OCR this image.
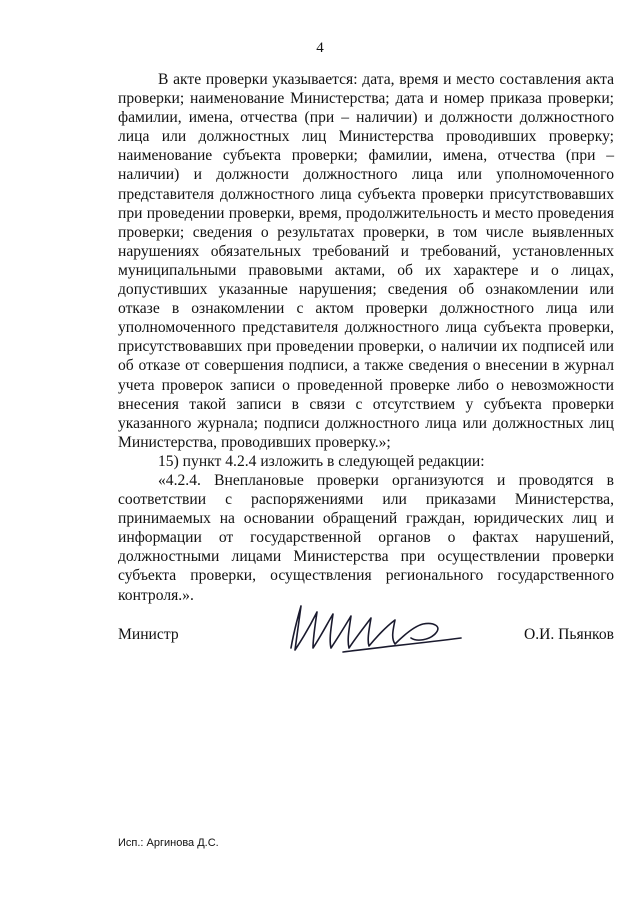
4

В акте проверки указывается: дата, время и место составления акта проверки; наименование Министерства; дата и номер приказа проверки; фамилии, имена, отчества (при – наличии) и должности должностного лица или должностных лиц Министерства проводивших проверку; наименование субъекта проверки; фамилии, имена, отчества (при – наличии) и должности должностного лица или уполномоченного представителя должностного лица субъекта проверки присутствовавших при проведении проверки, время, продолжительность и место проведения проверки; сведения о результатах проверки, в том числе выявленных нарушениях обязательных требований и требований, установленных муниципальными правовыми актами, об их характере и о лицах, допустивших указанные нарушения; сведения об ознакомлении или отказе в ознакомлении с актом проверки должностного лица или уполномоченного представителя должностного лица субъекта проверки, присутствовавших при проведении проверки, о наличии их подписей или об отказе от совершения подписи, а также сведения о внесении в журнал учета проверок записи о проведенной проверке либо о невозможности внесения такой записи в связи с отсутствием у субъекта проверки указанного журнала; подписи должностного лица или должностных лиц Министерства, проводивших проверку.»;

15) пункт 4.2.4 изложить в следующей редакции:

«4.2.4. Внеплановые проверки организуются и проводятся в соответствии с распоряжениями или приказами Министерства, принимаемых на основании обращений граждан, юридических лиц и информации от государственной органов о фактах нарушений, должностными лицами Министерства при осуществлении проверки субъекта проверки, осуществления регионального государственного контроля.».

Министр	О.И. Пьянков
Исп.: Аргинова Д.С.
